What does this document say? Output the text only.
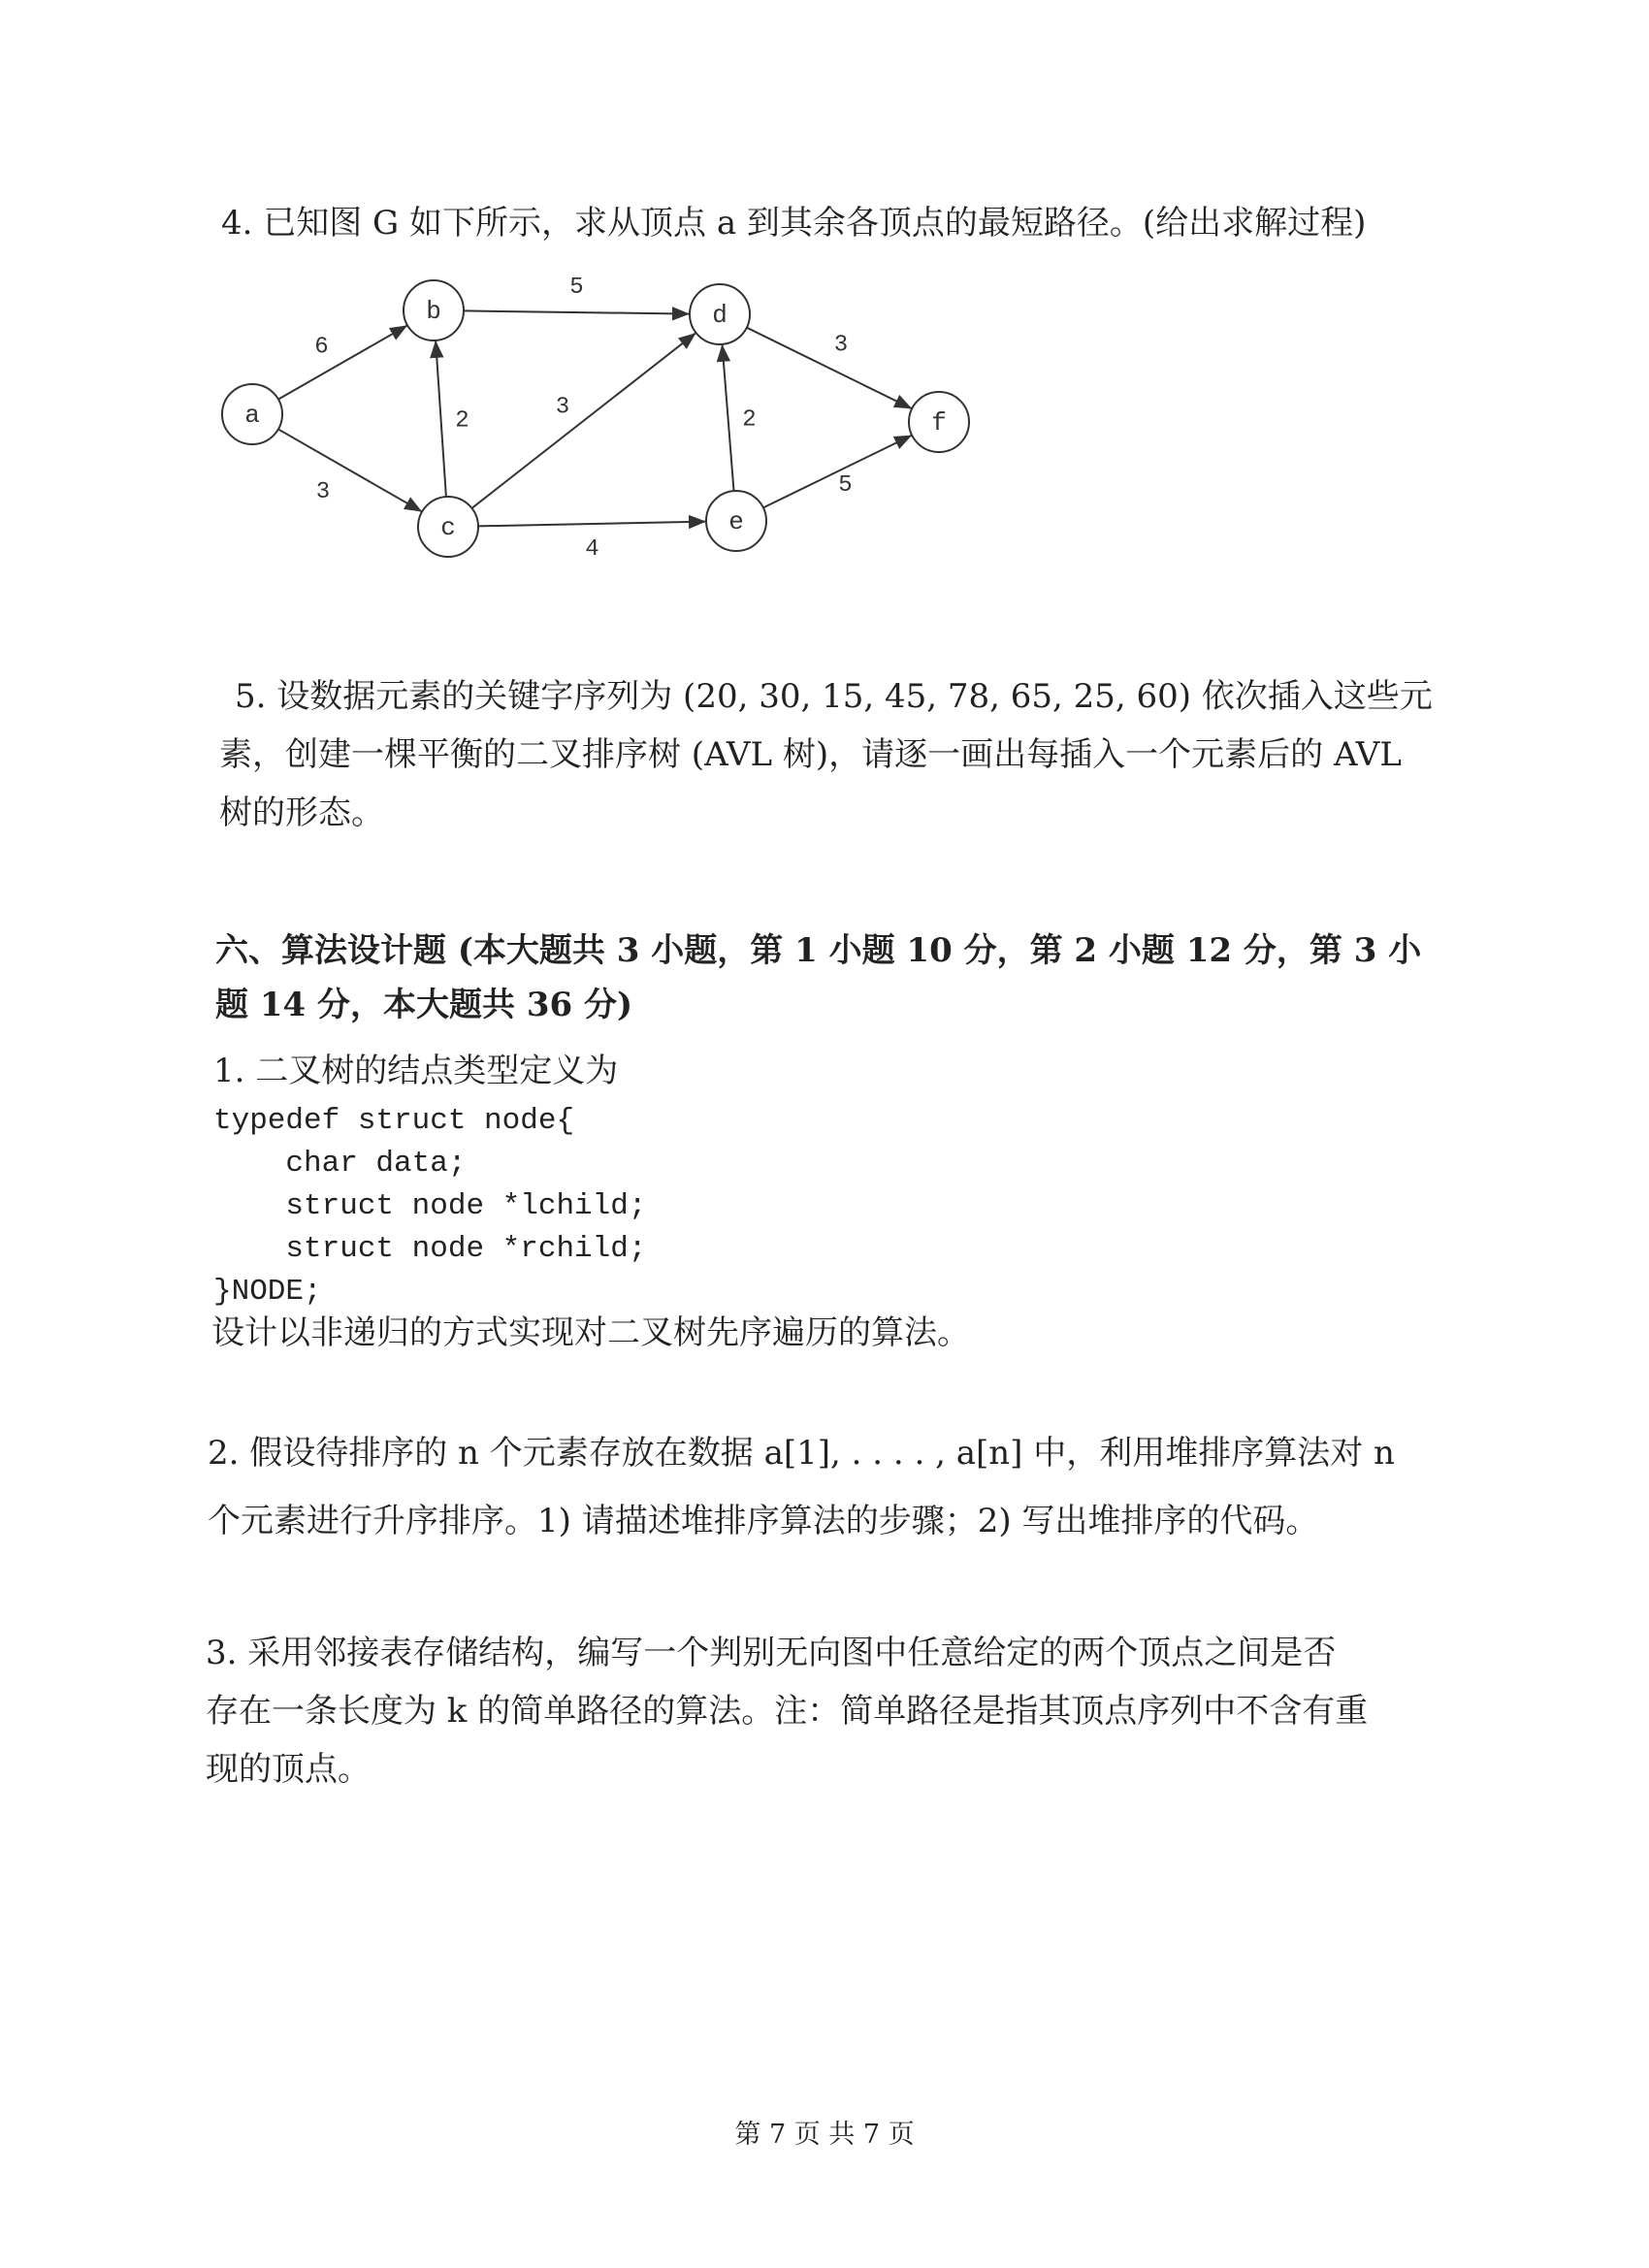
4. 已知图 G 如下所示，求从顶点 a 到其余各顶点的最短路径。(给出求解过程)
6
3
2
5
3
4
2
3
5
a
b
c
d
e
f
5. 设数据元素的关键字序列为 (20, 30, 15, 45, 78, 65, 25, 60) 依次插入这些元
素，创建一棵平衡的二叉排序树 (AVL 树)，请逐一画出每插入一个元素后的 AVL
树的形态。
六、算法设计题 (本大题共 3 小题，第 1 小题 10 分，第 2 小题 12 分，第 3 小
题 14 分，本大题共 36 分)
1. 二叉树的结点类型定义为
typedef struct node{
char data;
struct node *lchild;
struct node *rchild;
}NODE;
设计以非递归的方式实现对二叉树先序遍历的算法。
2. 假设待排序的 n 个元素存放在数据 a[1], . . . . , a[n] 中，利用堆排序算法对 n
个元素进行升序排序。1) 请描述堆排序算法的步骤；2) 写出堆排序的代码。
3. 采用邻接表存储结构，编写一个判别无向图中任意给定的两个顶点之间是否
存在一条长度为 k 的简单路径的算法。注：简单路径是指其顶点序列中不含有重
现的顶点。
第 7 页 共 7 页
